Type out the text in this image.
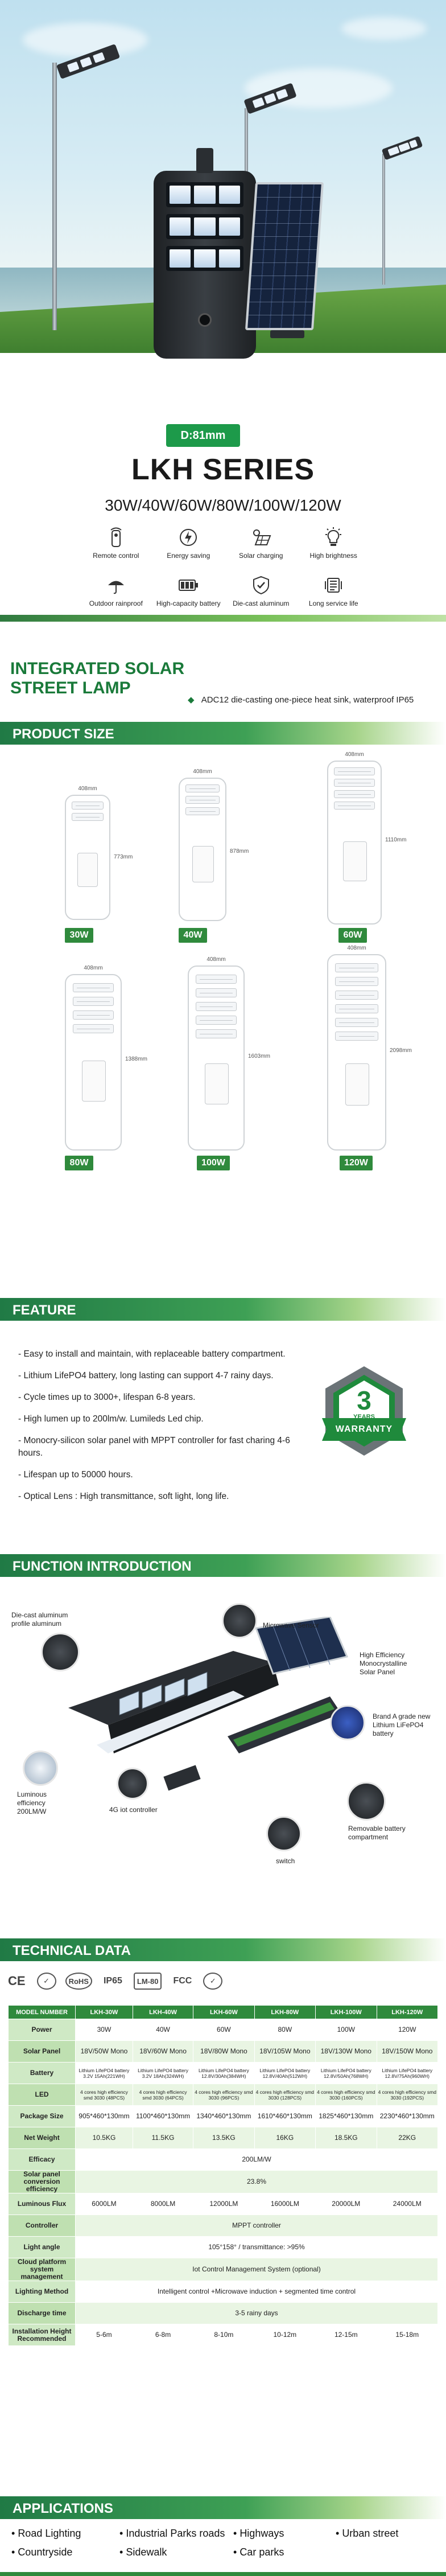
D:81mm
LKH SERIES
30W/40W/60W/80W/100W/120W
Remote control	Energy saving	Solar charging	High brightness
Outdoor rainproof	High-capacity battery	Die-cast aluminum	Long service life
INTEGRATED SOLAR
STREET LAMP
◆ ADC12 die-casting one-piece heat sink, waterproof IP65
PRODUCT SIZE
408mm
773mm
30W
408mm
878mm
40W
408mm
1110mm
60W
408mm
1388mm
80W
408mm
1603mm
100W
408mm
2098mm
120W
FEATURE
- Easy to install and maintain, with replaceable battery compartment.
- Lithium LifePO4 battery, long lasting can support 4-7 rainy days.
- Cycle times up to 3000+, lifespan 6-8 years.
- High lumen up to 200lm/w. Lumileds Led chip.
- Monocry-silicon solar panel with MPPT controller for fast charing 4-6 hours.
- Lifespan up to 50000 hours.
- Optical Lens : High transmittance, soft light, long life.
3
YEARS
WARRANTY
FUNCTION INTRODUCTION
Die-cast aluminum profile aluminum	Microwave Sensor
High Efficiency Monocrystalline Solar Panel
Brand A grade new Lithium LiFePO4 battery
Luminous efficiency 200LM/W	4G iot controller
switch
Removable battery compartment
TECHNICAL DATA
CE	✓	RoHS	IP65	LM-80	FCC	✓
MODEL NUMBER	LKH-30W	LKH-40W	LKH-60W	LKH-80W	LKH-100W	LKH-120W
Power	30W	40W	60W	80W	100W	120W
Solar Panel	18V/50W Mono	18V/60W Mono	18V/80W Mono	18V/105W Mono	18V/130W Mono	18V/150W Mono
Battery	Lithium LifePO4 battery 3.2V 15Ah(221WH)	Lithium LifePO4 battery 3.2V 18Ah(324WH)	Lithium LifePO4 battery 12.8V/30Ah(384WH)	Lithium LifePO4 battery 12.8V/40Ah(512WH)	Lithium LifePO4 battery 12.8V/50Ah(768WH)	Lithium LifePO4 battery 12.8V/75Ah(960WH)
LED	4 cores high efficiency smd 3030 (48PCS)	4 cores high efficiency smd 3030 (64PCS)	4 cores high efficiency smd 3030 (96PCS)	4 cores high efficiency smd 3030 (128PCS)	4 cores high efficiency smd 3030 (160PCS)	4 cores high efficiency smd 3030 (192PCS)
Package Size	905*460*130mm	1100*460*130mm	1340*460*130mm	1610*460*130mm	1825*460*130mm	2230*460*130mm
Net Weight	10.5KG	11.5KG	13.5KG	16KG	18.5KG	22KG
Efficacy	200LM/W					
Solar panel conversion efficiency	23.8%					
Luminous Flux	6000LM	8000LM	12000LM	16000LM	20000LM	24000LM
Controller	MPPT controller					
Light angle	105°158° / transmittance: >95%					
Cloud platform system management	Iot Control Management System (optional)					
Lighting Method	Intelligent control +Microwave induction + segmented time control					
Discharge time	3-5 rainy days					
Installation Height Recommended	5-6m	6-8m	8-10m	10-12m	12-15m	15-18m
APPLICATIONS
• Road Lighting	• Industrial Parks roads	• Highways	• Urban street
• Countryside	• Sidewalk	• Car parks
